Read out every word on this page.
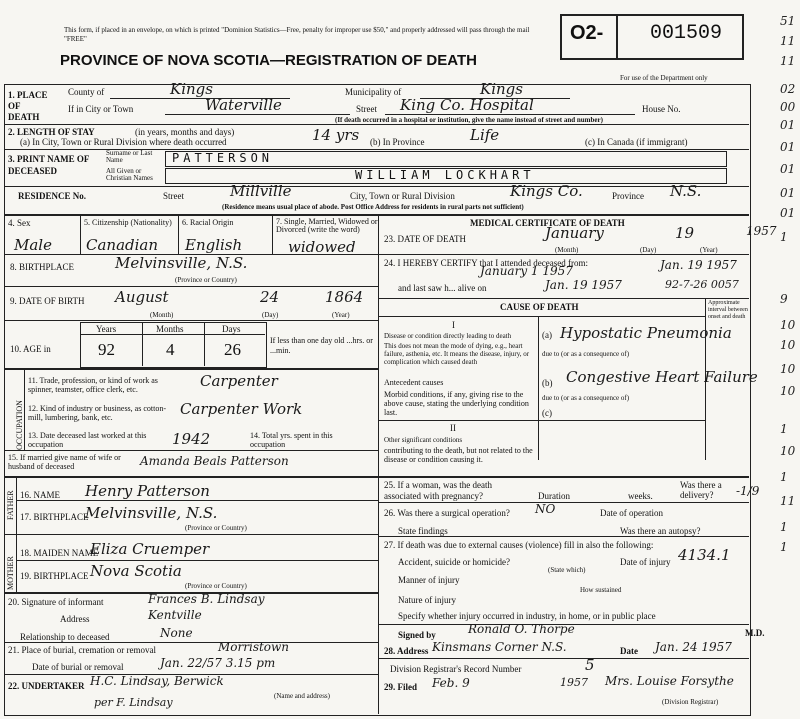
This form, if placed in an envelope, on which is printed "Dominion Statistics—Free, penalty for improper use $50," and properly addressed will pass through the mail "FREE"
PROVINCE OF NOVA SCOTIA—REGISTRATION OF DEATH
O2- 001509
For use of the Department only
1. PLACE OF DEATH
County of	Kings	Municipality of	Kings
If in City or Town	Waterville	Street King Co. Hospital	House No.
(If death occurred in a hospital or institution, give the name instead of street and number)
2. LENGTH OF STAY	(in years, months and days)
(a) In City, Town or Rural Division where death occurred	14 yrs (b) In Province	Life	(c) In Canada (if immigrant)
3. PRINT NAME OF DECEASED
Surname or Last Name	PATTERSON
All Given or Christian Names	WILLIAM LOCKHART
RESIDENCE No.	Street	Millville	City, Town or Rural Division	Kings Co.	Province N.S.
(Residence means usual place of abode. Post Office Address for residents in rural parts not sufficient)
4. Sex
Male
5. Citizenship (Nationality)
Canadian
6. Racial Origin
English
7. Single, Married, Widowed or Divorced (write the word)
widowed
8. BIRTHPLACE	Melvinsville, N.S.
(Province or Country)
9. DATE OF BIRTH August	24	1864
(Month)	(Day)	(Year)
10. AGE in
Years	Months	Days
92	4	26	If less than one day old ...hrs. or ...min.
OCCUPATION
11. Trade, profession, or kind of work as spinner, teamster, office clerk, etc.	Carpenter
12. Kind of industry or business, as cotton-mill, lumbering, bank, etc.	Carpenter Work
13. Date deceased last worked at this occupation	1942	14. Total yrs. spent in this occupation
15. If married give name of wife or husband of deceased	Amanda Beals Patterson
FATHER 16. NAME Henry Patterson
17. BIRTHPLACE
Melvinsville, N.S.
(Province or Country)
MOTHER
18. MAIDEN NAME
Eliza Cruemper
19. BIRTHPLACE Nova Scotia
(Province or Country)
20. Signature of informant	Frances B. Lindsay
Address	Kentville
Relationship to deceased	None
21. Place of burial, cremation or removal	Morristown
Date of burial or removal	Jan. 22/57 3.15 pm
22. UNDERTAKER H.C. Lindsay, Berwick
(Name and address)
per F. Lindsay
MEDICAL CERTIFICATE OF DEATH
23. DATE OF DEATH	January	19	1957
(Month)	(Day)	(Year)
24. I HEREBY CERTIFY that I attended deceased from:
January 1 1957	Jan. 19 1957
and last saw h... alive on	Jan. 19 1957	92-7-26 0057
CAUSE OF DEATH	Approximate interval between onset and death
I
Disease or condition directly leading to death
This does not mean the mode of dying, e.g., heart failure, asthenia, etc. It means the disease, injury, or complication which caused death
(a) Hypostatic Pneumonia
due to (or as a consequence of)
Antecedent causes
Morbid conditions, if any, giving rise to the above cause, stating the underlying condition last.
(b) Congestive Heart Failure
due to (or as a consequence of)
(c)
II
Other significant conditions
contributing to the death, but not related to the disease or condition causing it.
25. If a woman, was the death associated with pregnancy?	Duration	weeks.
Was there a delivery?	-1/9
26. Was there a surgical operation? NO	Date of operation
State findings	Was there an autopsy?
27. If death was due to external causes (violence) fill in also the following:
Accident, suicide or homicide?
(State which)
Date of injury 4134.1
Manner of injury
How sustained
Nature of injury
Specify whether injury occurred in industry, in home, or in public place
Signed by	Ronald O. Thorpe	M.D.
28. Address Kinsmans Corner N.S.	Date Jan. 24 1957
Division Registrar's Record Number	5
29. Filed Feb. 9	1957 Mrs. Louise Forsythe
(Division Registrar)
51
11
11
02
00
01
01
01
01
01
1
9
10
10
10
10
1
10
1
11
1
1
